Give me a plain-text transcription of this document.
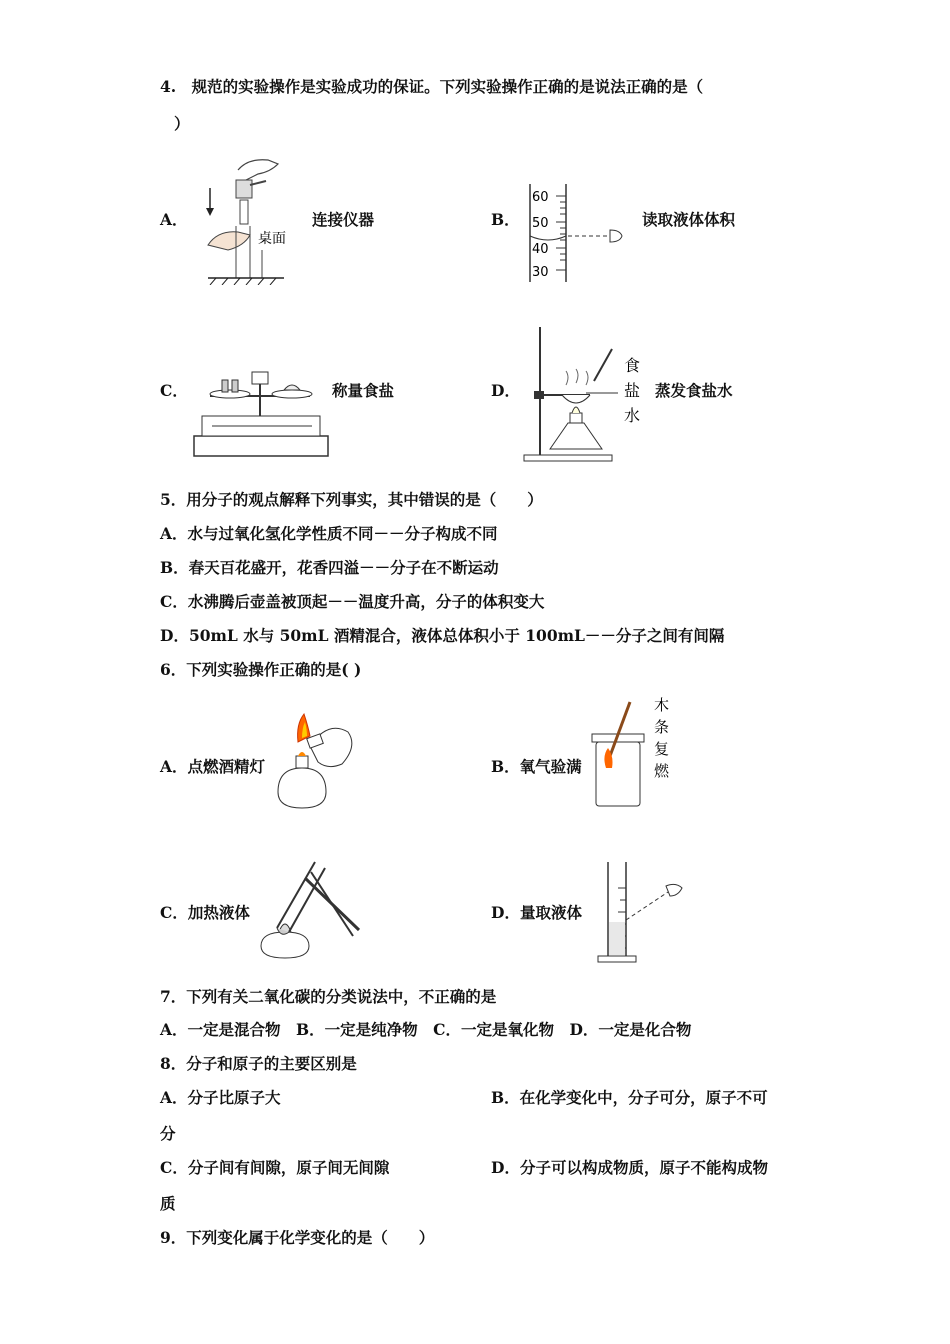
4.　规范的实验操作是实验成功的保证。下列实验操作正确的是说法正确的是（
）
A．
桌面
连接仪器	B．
60
50
40
30
读取液体体积
C．	称量食盐	D．
食
盐
水
蒸发食盐水
5．用分子的观点解释下列事实，其中错误的是（　　）
A．水与过氧化氢化学性质不同－－分子构成不同
B．春天百花盛开，花香四溢－－分子在不断运动
C．水沸腾后壶盖被顶起－－温度升高，分子的体积变大
D．50mL 水与 50mL 酒精混合，液体总体积小于 100mL－－分子之间有间隔
6．下列实验操作正确的是( )
A．点燃酒精灯	B．氧气验满
木
条
复
燃
C．加热液体	D．量取液体
7．下列有关二氧化碳的分类说法中，不正确的是
A．一定是混合物　B．一定是纯净物　C．一定是氧化物　D．一定是化合物
8．分子和原子的主要区别是
A．分子比原子大	B．在化学变化中，分子可分，原子不可
分
C．分子间有间隙，原子间无间隙	D．分子可以构成物质，原子不能构成物
质
9．下列变化属于化学变化的是（　　）
